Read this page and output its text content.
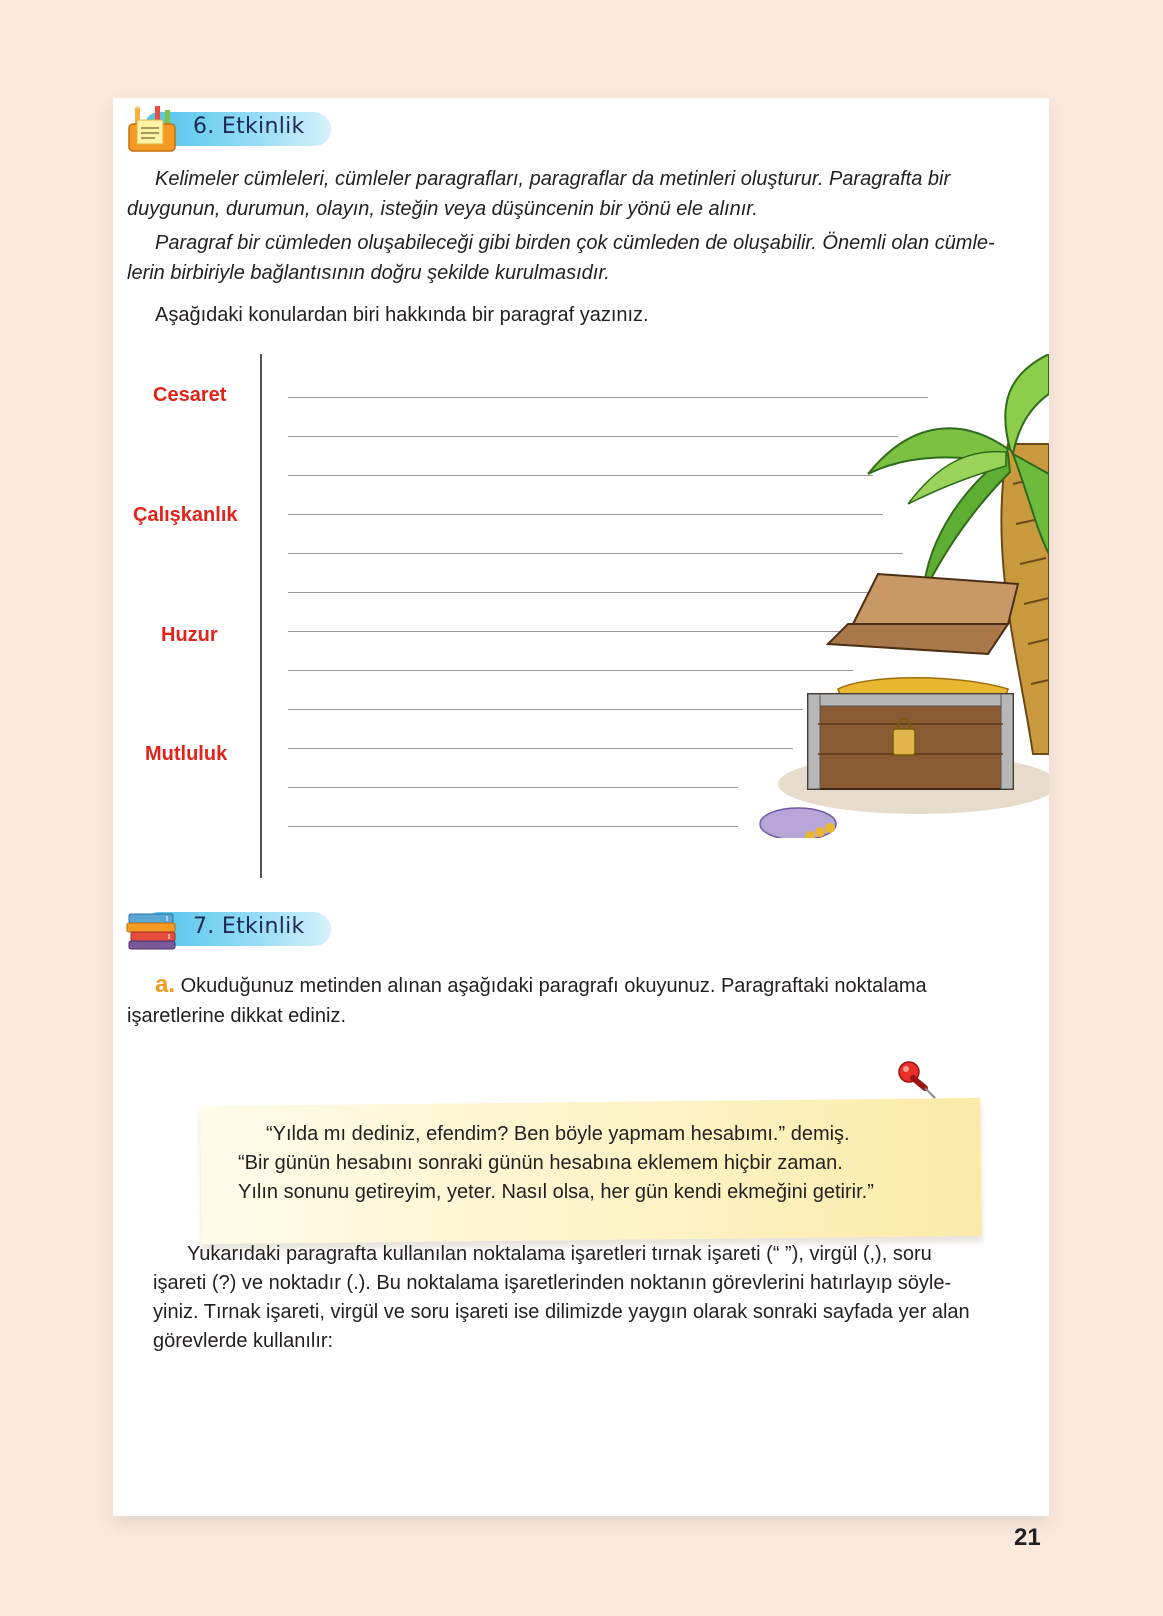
6. Etkinlik
Kelimeler cümleleri, cümleler paragrafları, paragraflar da metinleri oluşturur. Paragrafta bir
duygunun, durumun, olayın, isteğin veya düşüncenin bir yönü ele alınır.
Paragraf bir cümleden oluşabileceği gibi birden çok cümleden de oluşabilir. Önemli olan cümle-
lerin birbiriyle bağlantısının doğru şekilde kurulmasıdır.
Aşağıdaki konulardan biri hakkında bir paragraf yazınız.
Cesaret
Çalışkanlık
Huzur
Mutluluk
7. Etkinlik
a. Okuduğunuz metinden alınan aşağıdaki paragrafı okuyunuz. Paragraftaki noktalama
işaretlerine dikkat ediniz.
“Yılda mı dediniz, efendim? Ben böyle yapmam hesabımı.” demiş.
“Bir günün hesabını sonraki günün hesabına eklemem hiçbir zaman.
Yılın sonunu getireyim, yeter. Nasıl olsa, her gün kendi ekmeğini getirir.”
Yukarıdaki paragrafta kullanılan noktalama işaretleri tırnak işareti (“ ”), virgül (,), soru
işareti (?) ve noktadır (.). Bu noktalama işaretlerinden noktanın görevlerini hatırlayıp söyle-
yiniz. Tırnak işareti, virgül ve soru işareti ise dilimizde yaygın olarak sonraki sayfada yer alan
görevlerde kullanılır:
21
